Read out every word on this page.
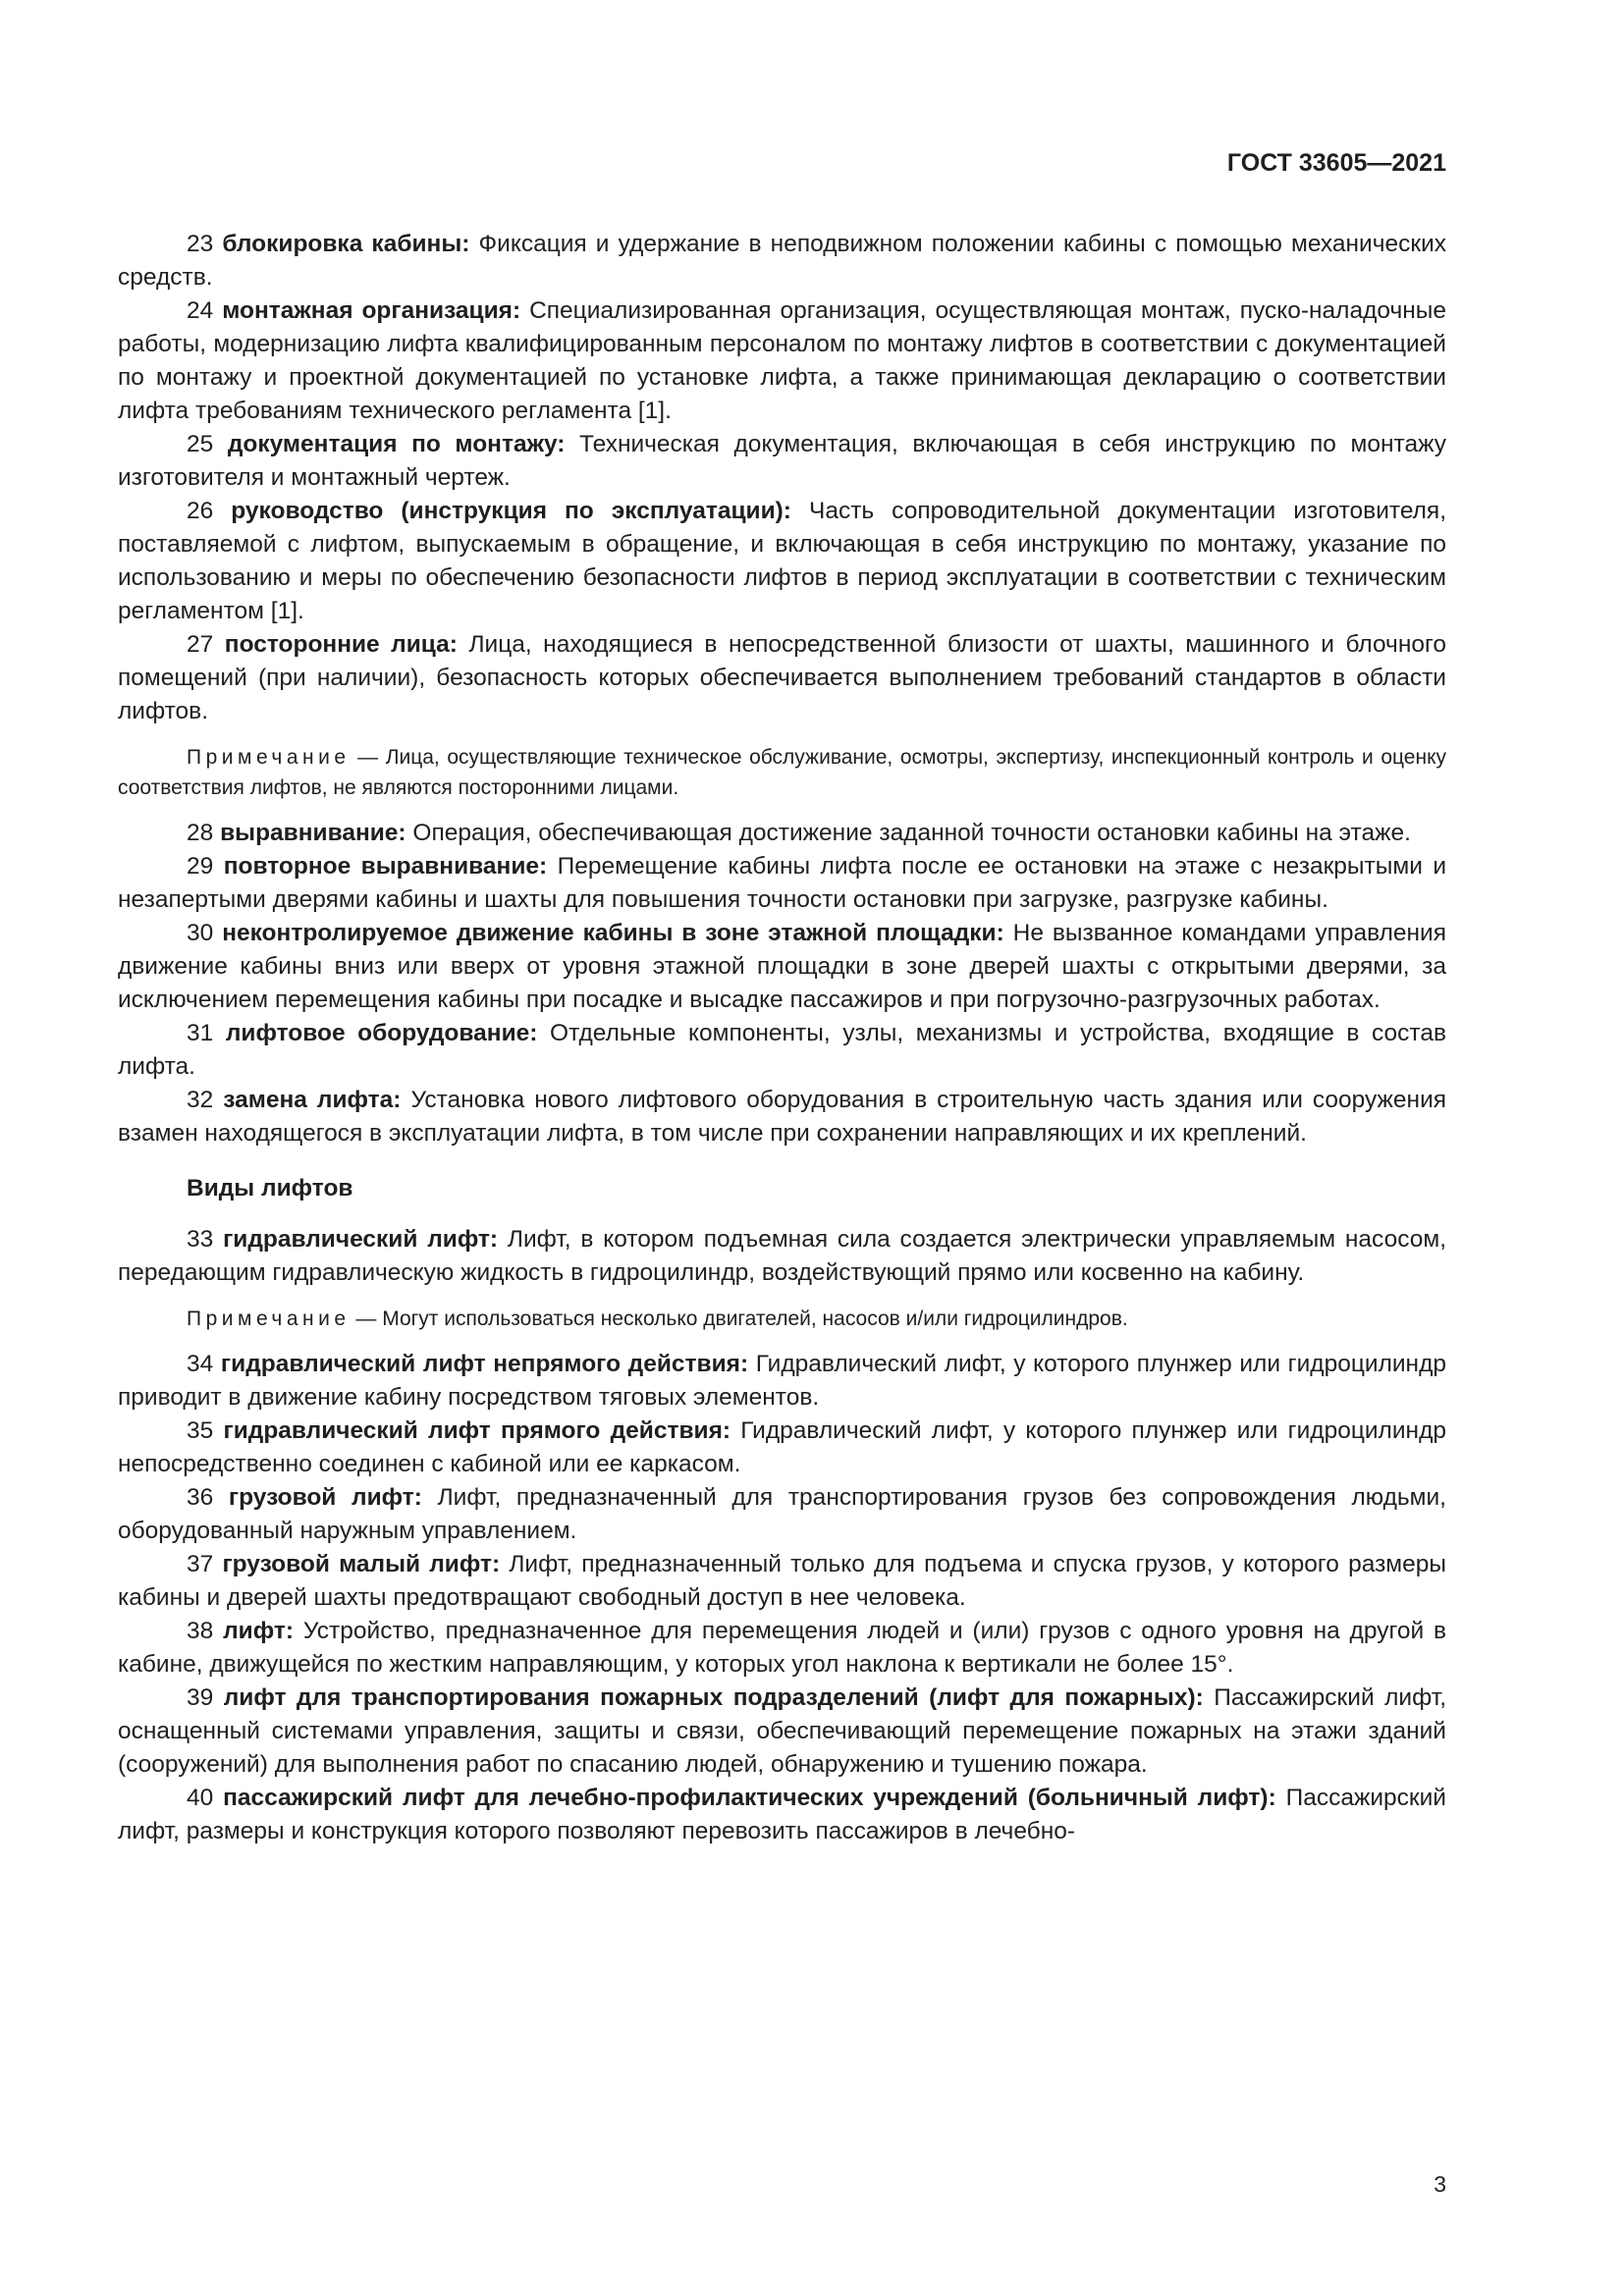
ГОСТ 33605—2021

23 блокировка кабины: Фиксация и удержание в неподвижном положении кабины с помощью механических средств.

24 монтажная организация: Специализированная организация, осуществляющая монтаж, пуско-наладочные работы, модернизацию лифта квалифицированным персоналом по монтажу лифтов в соответствии с документацией по монтажу и проектной документацией по установке лифта, а также принимающая декларацию о соответствии лифта требованиям технического регламента [1].

25 документация по монтажу: Техническая документация, включающая в себя инструкцию по монтажу изготовителя и монтажный чертеж.

26 руководство (инструкция по эксплуатации): Часть сопроводительной документации изготовителя, поставляемой с лифтом, выпускаемым в обращение, и включающая в себя инструкцию по монтажу, указание по использованию и меры по обеспечению безопасности лифтов в период эксплуатации в соответствии с техническим регламентом [1].

27 посторонние лица: Лица, находящиеся в непосредственной близости от шахты, машинного и блочного помещений (при наличии), безопасность которых обеспечивается выполнением требований стандартов в области лифтов.

Примечание — Лица, осуществляющие техническое обслуживание, осмотры, экспертизу, инспекционный контроль и оценку соответствия лифтов, не являются посторонними лицами.

28 выравнивание: Операция, обеспечивающая достижение заданной точности остановки кабины на этаже.

29 повторное выравнивание: Перемещение кабины лифта после ее остановки на этаже с незакрытыми и незапертыми дверями кабины и шахты для повышения точности остановки при загрузке, разгрузке кабины.

30 неконтролируемое движение кабины в зоне этажной площадки: Не вызванное командами управления движение кабины вниз или вверх от уровня этажной площадки в зоне дверей шахты с открытыми дверями, за исключением перемещения кабины при посадке и высадке пассажиров и при погрузочно-разгрузочных работах.

31 лифтовое оборудование: Отдельные компоненты, узлы, механизмы и устройства, входящие в состав лифта.

32 замена лифта: Установка нового лифтового оборудования в строительную часть здания или сооружения взамен находящегося в эксплуатации лифта, в том числе при сохранении направляющих и их креплений.

Виды лифтов

33 гидравлический лифт: Лифт, в котором подъемная сила создается электрически управляемым насосом, передающим гидравлическую жидкость в гидроцилиндр, воздействующий прямо или косвенно на кабину.

Примечание — Могут использоваться несколько двигателей, насосов и/или гидроцилиндров.

34 гидравлический лифт непрямого действия: Гидравлический лифт, у которого плунжер или гидроцилиндр приводит в движение кабину посредством тяговых элементов.

35 гидравлический лифт прямого действия: Гидравлический лифт, у которого плунжер или гидроцилиндр непосредственно соединен с кабиной или ее каркасом.

36 грузовой лифт: Лифт, предназначенный для транспортирования грузов без сопровождения людьми, оборудованный наружным управлением.

37 грузовой малый лифт: Лифт, предназначенный только для подъема и спуска грузов, у которого размеры кабины и дверей шахты предотвращают свободный доступ в нее человека.

38 лифт: Устройство, предназначенное для перемещения людей и (или) грузов с одного уровня на другой в кабине, движущейся по жестким направляющим, у которых угол наклона к вертикали не более 15°.

39 лифт для транспортирования пожарных подразделений (лифт для пожарных): Пассажирский лифт, оснащенный системами управления, защиты и связи, обеспечивающий перемещение пожарных на этажи зданий (сооружений) для выполнения работ по спасанию людей, обнаружению и тушению пожара.

40 пассажирский лифт для лечебно-профилактических учреждений (больничный лифт): Пассажирский лифт, размеры и конструкция которого позволяют перевозить пассажиров в лечебно-

3
